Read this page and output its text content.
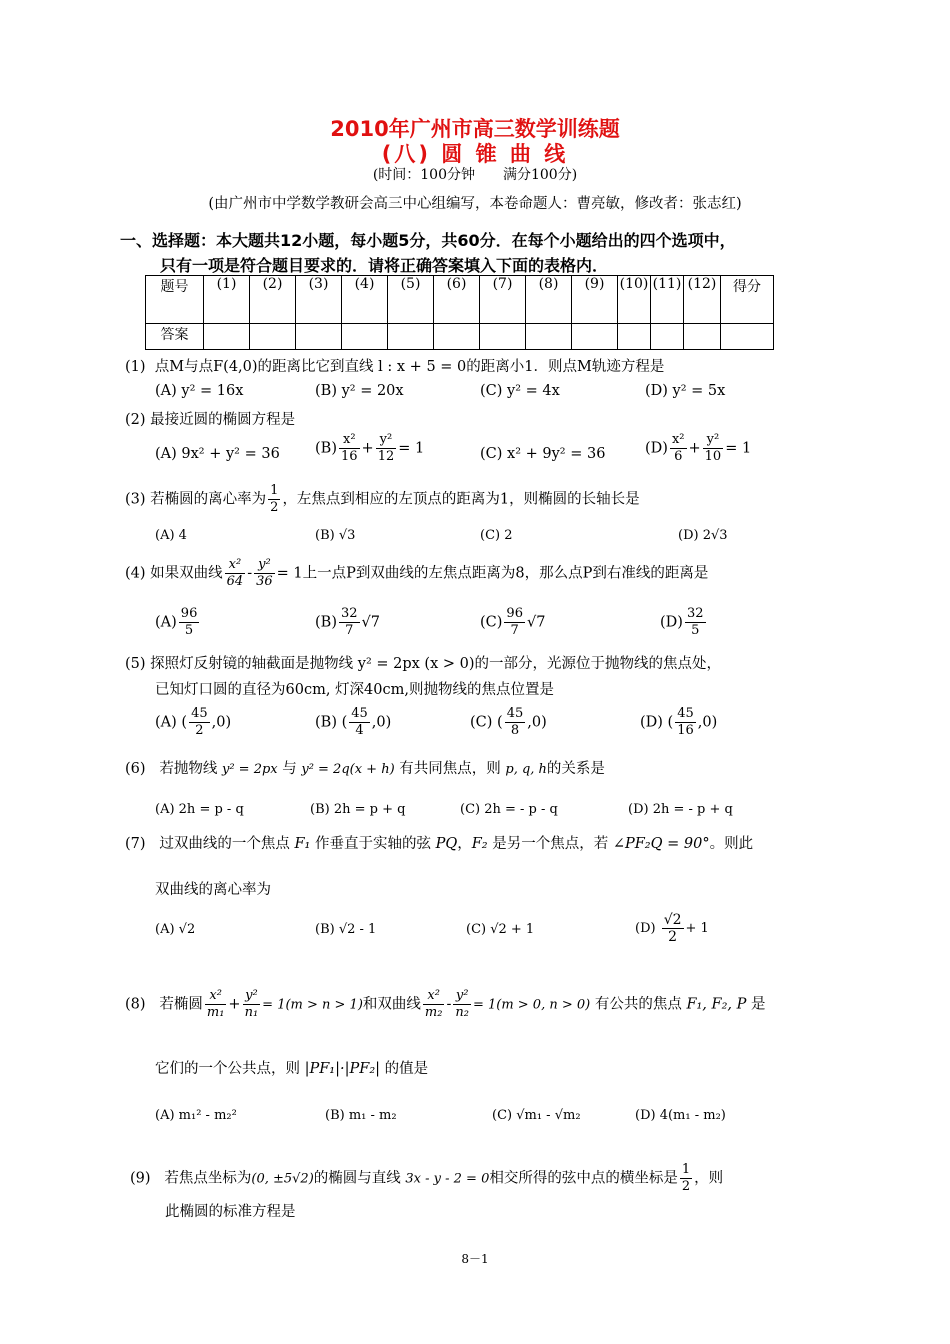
2010年广州市高三数学训练题
(八) 圆 锥 曲 线
(时间：100分钟　　满分100分)
(由广州市中学数学教研会高三中心组编写，本卷命题人：曹亮敏，修改者：张志红)
一、选择题：本大题共12小题，每小题5分，共60分．在每个小题给出的四个选项中，
只有一项是符合题目要求的．请将正确答案填入下面的表格内．
题号	(1)	(2)	(3)	(4)	(5)	(6)	(7)	(8)	(9)	(10)	(11)	(12)	得分
答案													
(1) 点M与点F(4,0)的距离比它到直线 l : x + 5 = 0的距离小1．则点M轨迹方程是
(A) y² = 16x	(B) y² = 20x	(C) y² = 4x	(D) y² = 5x
(2) 最接近圆的椭圆方程是
(A) 9x² + y² = 36 $(B) \frac{\text{x²}}{16} + \frac{\text{y²}}{12} = 1$	(C) x² + 9y² = 36	$(D) \frac{\text{x²}}{6} + \frac{\text{y²}}{10} = 1$
(3) 若椭圆的离心率为 $\frac{1}{2}$ ，左焦点到相应的左顶点的距离为1，则椭圆的长轴长是
(A) 4	(B) √3	(C) 2	(D) 2√3
(4) 如果双曲线 $\frac{\text{x²}}{64} - \frac{\text{y²}}{36} = 1$上一点P到双曲线的左焦点距离为8，那么点P到右准线的距离是
$(A) \frac{96}{5}$	$(B) \frac{32}{7} √7$	$(C) \frac{96}{7} √7$	$(D) \frac{32}{5}$
(5) 探照灯反射镜的轴截面是抛物线 y² = 2px (x > 0)的一部分，光源位于抛物线的焦点处，
已知灯口圆的直径为60cm, 灯深40cm,则抛物线的焦点位置是
(A) ( $\frac{45}{2} ,0$)	(B) ( $\frac{45}{4} ,0$)	(C) ( $\frac{45}{8} ,0$)	(D) ( $\frac{45}{16} ,0$)
(6) 若抛物线 y² = 2px 与 y² = 2q(x + h) 有共同焦点，则 p, q, h的关系是
(A) 2h = p - q	(B) 2h = p + q	(C) 2h = - p - q	(D) 2h = - p + q
(7) 过双曲线的一个焦点 F₁ 作垂直于实轴的弦 PQ，F₂ 是另一个焦点，若 ∠PF₂Q = 90°。则此
双曲线的离心率为
(A) √2	(B) √2 - 1	(C) √2 + 1	$(D) \frac{√2}{2} + 1$
(8) 若椭圆 $\frac{\text{x²}}{\text{m₁}} + \frac{\text{y²}}{\text{n₁}} = 1(m > n > 1)$和双曲线 $\frac{\text{x²}}{\text{m₂}} - \frac{\text{y²}}{\text{n₂}} = 1(m > 0$, n > 0) 有公共的焦点 F₁, F₂, P 是
它们的一个公共点，则 |PF₁|·|PF₂| 的值是
(A) m₁² - m₂²	(B) m₁ - m₂	(C) √m₁ - √m₂	(D) 4(m₁ - m₂)
(9) 若焦点坐标为(0, ±5√2)的椭圆与直线 3x - y - 2 = 0相交所得的弦中点的横坐标是 $\frac{1}{2}$ ，则
此椭圆的标准方程是
8－1
